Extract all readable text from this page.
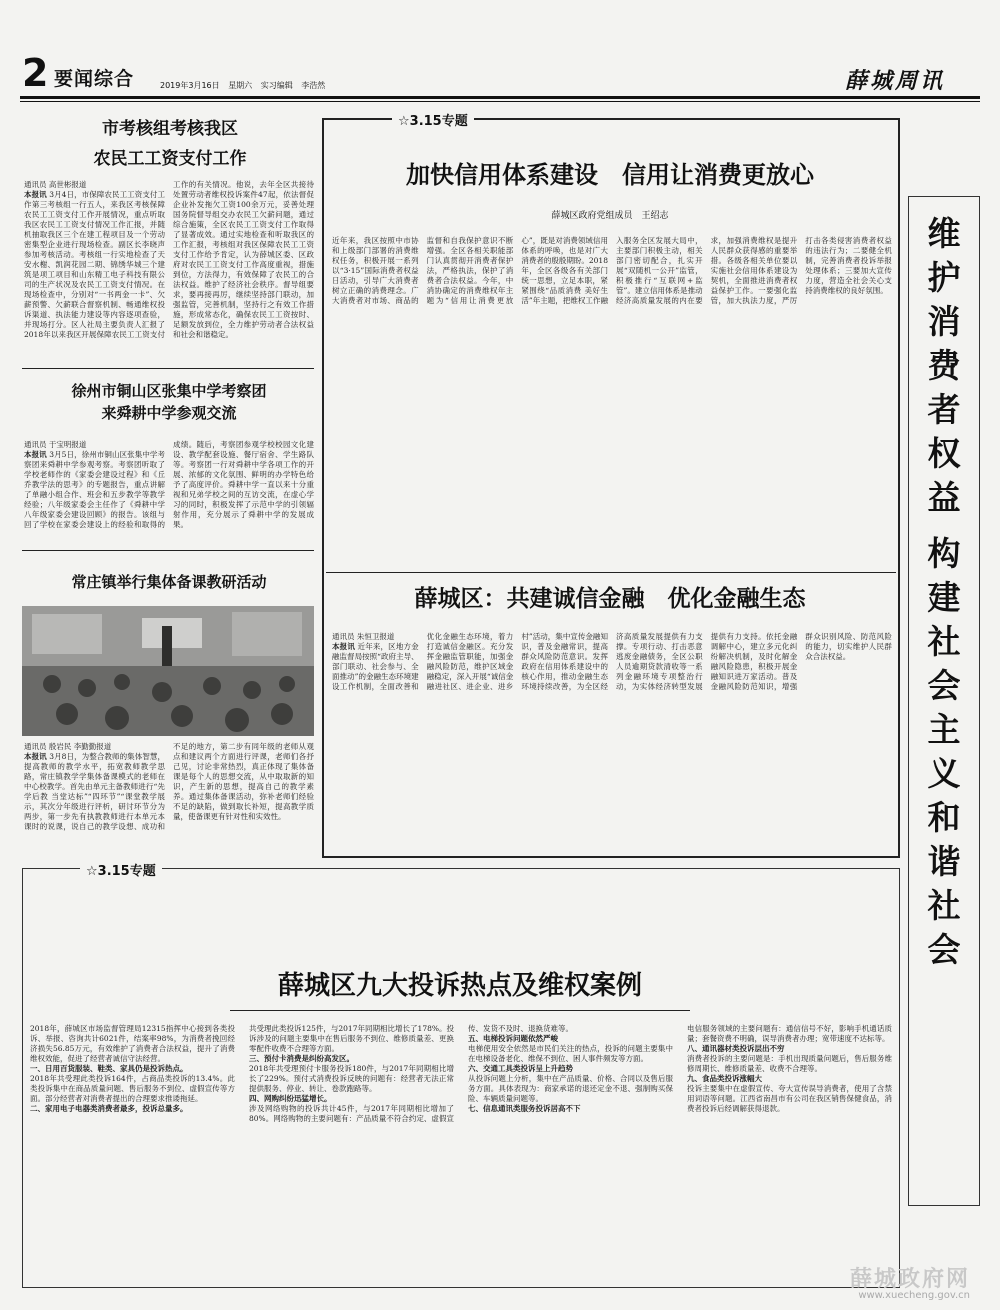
2 要闻综合	2019年3月16日 星期六 实习编辑 李浩然	薛城周讯
市考核组考核我区
农民工工资支付工作
通讯员 高世彬报道
本报讯 3月4日，市保障农民工工资支付工作第三考核组一行五人，来我区考核保障农民工工资支付工作开展情况，重点听取我区农民工工资支付情况工作汇报，并随机抽取我区三个在建工程项目及一个劳动密集型企业进行现场检查。副区长李晓声参加考核活动。考核组一行实地检查了天安水榭、凯润花园二期、锦绣华城三个建筑是项工项目和山东精工电子科技有限公司的生产状况及农民工工资支付情况。在现场检查中，分别对“一书两金一卡”、欠薪预警、欠薪联合督察机制、畅通维权投诉渠道、执法能力建设等内容逐项查验，并现场打分。区人社局主要负责人汇报了2018年以来我区开展保障农民工工资支付工作的有关情况。他说，去年全区共接待处置劳动者维权投诉案件47起，依法督促企业补发拖欠工资100余万元，妥善处理国务院督导组交办农民工欠薪问题，通过综合施策，全区农民工工资支付工作取得了显著成效。通过实地检查和听取我区的工作汇报，考核组对我区保障农民工工资支付工作给予肯定，认为薛城区委、区政府对农民工工资支付工作高度重视，措施到位，方法得力，有效保障了农民工的合法权益。维护了经济社会秩序。督导组要求，要再接再厉，继续坚持部门联动，加强监管，完善机制，坚持行之有效工作措施，形成常态化，确保农民工工资按时、足额发放到位，全力维护劳动者合法权益和社会和谐稳定。
徐州市铜山区张集中学考察团
来舜耕中学参观交流
通讯员 于宝明报道
本报讯 3月5日，徐州市铜山区张集中学考察团来舜耕中学参观考察。考察团听取了学校老师作的《家委会建设过程》和《丘乔教学法的思考》的专题报告，重点讲解了单融小组合作、班会和五步教学等教学经验；八年级家委会主任作了《舜耕中学八年级家委会建设回顾》的报告。该组与回了学校在家委会建设上的经验和取得的成绩。随后，考察团参观学校校园文化建设、教学配套设施、餐厅宿舍、学生路队等。考察团一行对舜耕中学各项工作的开展、浓郁的文化氛围、鲜明的办学特色给予了高度评价。舜耕中学一直以来十分重视和兄弟学校之间的互访交流，在虚心学习的同时，积极发挥了示范中学的引领辐射作用，充分展示了舜耕中学的发展成果。
常庄镇举行集体备课教研活动
通讯员 殷岩民 李勤勤报道
本报讯 3月8日，为整合教师的集体智慧，提高教师的教学水平，拓宽教师教学思路，常庄镇教学学集体备课模式的老师在中心校教学。首先由单元主备教师进行“先学后教 当堂达标”“四环节”“课堂教学展示，其次分年级进行评析，研讨环节分为两步，第一步先有执教教师进行本单元本课时的说课，说自己的教学设想、成功和不足的地方，第二步有同年级的老师从观点和建议两个方面进行评课，老师们各抒己见，讨论非常热烈，真正体现了集体备课是每个人的思想交流，从中取取新的知识，产生新的思想，提高自己的教学素养。通过集体备课活动，弥补老师们经验不足的缺陷，做到取长补短，提高教学质量，使备课更有针对性和实效性。
☆3.15专题
加快信用体系建设　信用让消费更放心
薛城区政府党组成员　王绍志
近年来，我区按照中市协和上级部门部署的消费维权任务，积极开展一系列以“3·15”国际消费者权益日活动，引导广大消费者树立正确的消费理念。广大消费者对市场、商品的监督和自我保护意识不断增强。全区各相关职能部门认真贯彻开消费者保护法，严格执法，保护了消费者合法权益。今年，中消协确定的消费维权年主题为“信用让消费更放心”，既是对消费领域信用体系的呼唤，也是对广大消费者的殷殷期盼。2018年，全区各级各有关部门统一思想，立足本职，紧紧围绕“品质消费 美好生活”年主题，把维权工作融入服务全区发展大局中，主要部门积极主动，相关部门密切配合，扎实开展“双随机一公开”监管，积极推行“互联网+监管”。建立信用体系是推动经济高质量发展的内在要求，加强消费维权是提升人民群众获得感的重要举措。各级各相关单位要以实施社会信用体系建设为契机，全面推进消费者权益保护工作。一要强化监管，加大执法力度，严厉打击各类侵害消费者权益的违法行为；二要健全机制，完善消费者投诉举报处理体系；三要加大宣传力度，营造全社会关心支持消费维权的良好氛围。
薛城区：共建诚信金融　优化金融生态
通讯员 朱恒卫报道
本报讯 近年来，区地方金融监督局按照“政府主导、部门联动、社会参与、全面推动”的金融生态环境建设工作机制，全面改善和优化金融生态环境，着力打造诚信金融区。充分发挥金融监管职能，加强金融风险防范，维护区域金融稳定，深入开展“诚信金融进社区、进企业、进乡村”活动，集中宣传金融知识，普及金融常识，提高群众风险防范意识。发挥政府在信用体系建设中的核心作用，推动金融生态环境持续改善，为全区经济高质量发展提供有力支撑。专项行动、打击恶意逃废金融债务，全区公职人员逾期贷款清收等一系列金融环境专项整治行动，为实体经济转型发展提供有力支持。依托金融调解中心，建立多元化纠纷解决机制，及时化解金融风险隐患，积极开展金融知识进万家活动。普及金融风险防范知识，增强群众识别风险、防范风险的能力，切实维护人民群众合法权益。
维护消费者权益
构建社会主义和谐社会
☆3.15专题
薛城区九大投诉热点及维权案例
2018年，薛城区市场监督管理局12315指挥中心接到各类投诉、举报、咨询共计6021件，结案率98%，为消费者挽回经济损失56.85万元，有效维护了消费者合法权益，提升了消费维权效能，促进了经营者诚信守法经营。
一、日用百货服装、鞋类、家具仍是投诉热点。
2018年共受理此类投诉164件，占商品类投诉的13.4%。此类投诉集中在商品质量问题、售后服务不到位、虚假宣传等方面。部分经营者对消费者提出的合理要求推诿拖延。
二、家用电子电器类消费者最多，投诉总量多。
共受理此类投诉125件，与2017年同期相比增长了178%。投诉涉及的问题主要集中在售后服务不到位、维修质量差、更换零配件收费不合理等方面。
三、预付卡消费是纠纷高发区。
2018年共受理预付卡服务投诉180件，与2017年同期相比增长了229%。预付式消费投诉反映的问题有：经营者无法正常提供服务、停业、转让、卷款跑路等。
四、网购纠纷迅猛增长。
涉及网络购物的投诉共计45件，与2017年同期相比增加了80%。网络购物的主要问题有：产品质量不符合约定、虚假宣传、发货不及时、退换货难等。
五、电梯投诉问题依然严峻
电梯使用安全依然是市民们关注的热点，投诉的问题主要集中在电梯设备老化、维保不到位、困人事件频发等方面。
六、交通工具类投诉呈上升趋势
从投诉问题上分析，集中在产品质量、价格、合同以及售后服务方面。具体表现为：商家承诺的退还定金不退、强制购买保险、车辆质量问题等。
七、信息通讯类服务投诉居高不下
电信服务领域的主要问题有：通信信号不好，影响手机通话质量；套餐资费不明确，误导消费者办理；宽带速度不达标等。
八、通讯器材类投诉层出不穷
消费者投诉的主要问题是：手机出现质量问题后，售后服务维修周期长、维修质量差、收费不合理等。
九、食品类投诉涨幅大
投诉主要集中在虚假宣传、夸大宣传误导消费者，使用了含禁用词语等问题。江西省南昌市有公司在我区销售保健食品，消费者投诉后经调解获得退款。
薛城政府网
www.xuecheng.gov.cn
